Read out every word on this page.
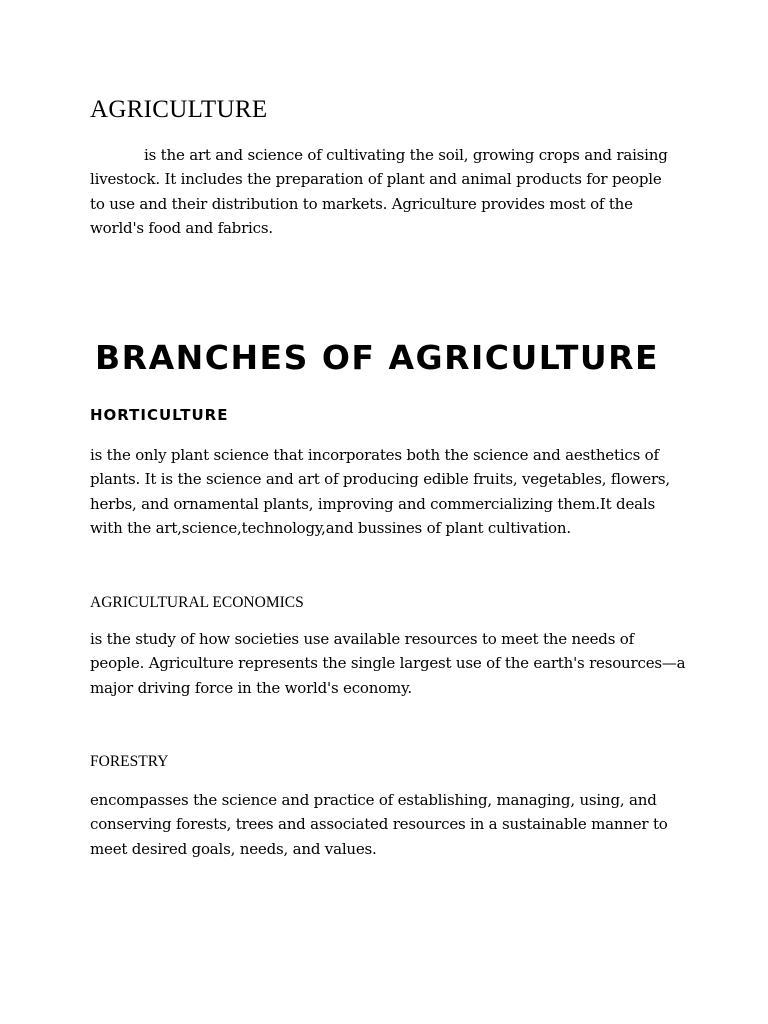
AGRICULTURE

is the art and science of cultivating the soil, growing crops and raising livestock. It includes the preparation of plant and animal products for people to use and their distribution to markets. Agriculture provides most of the world's food and fabrics.

BRANCHES OF AGRICULTURE
HORTICULTURE

is the only plant science that incorporates both the science and aesthetics of plants. It is the science and art of producing edible fruits, vegetables, flowers, herbs, and ornamental plants, improving and commercializing them.It deals with the art,science,technology,and bussines of plant cultivation.

AGRICULTURAL ECONOMICS

is the study of how societies use available resources to meet the needs of people. Agriculture represents the single largest use of the earth's resources—a major driving force in the world's economy.

FORESTRY

encompasses the science and practice of establishing, managing, using, and conserving forests, trees and associated resources in a sustainable manner to meet desired goals, needs, and values.
